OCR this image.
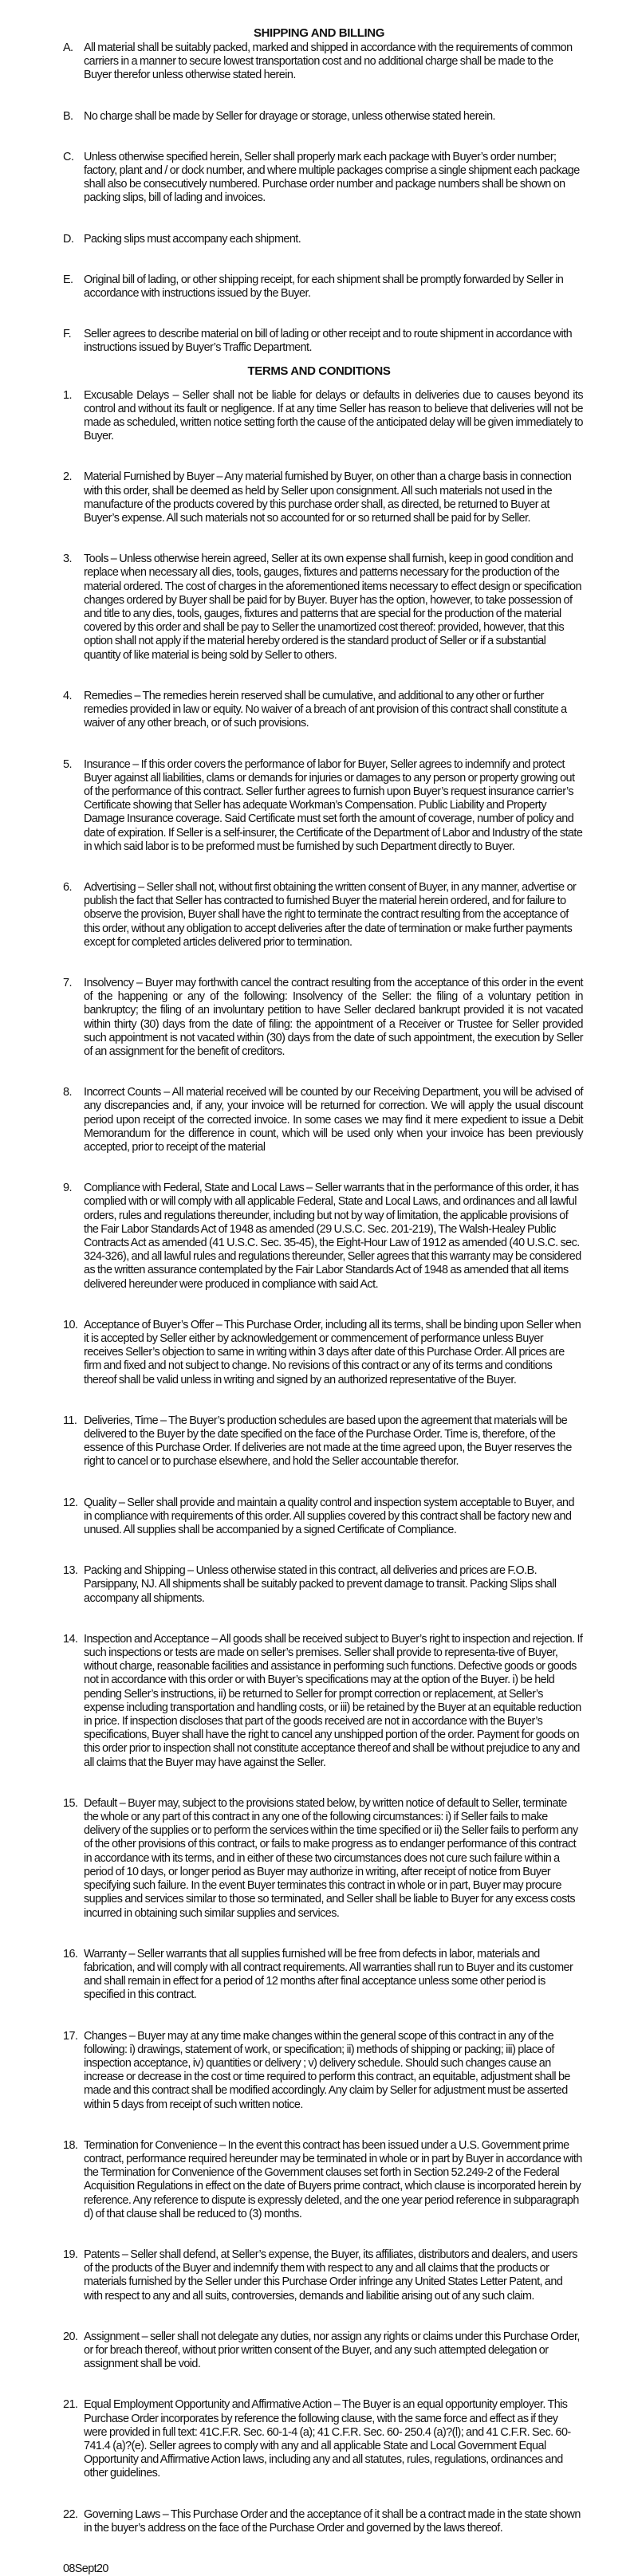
SHIPPING AND BILLING
A. All material shall be suitably packed, marked and shipped in accordance with the requirements of common carriers in a manner to secure lowest transportation cost and no additional charge shall be made to the Buyer therefor unless otherwise stated herein.
B. No charge shall be made by Seller for drayage or storage, unless otherwise stated herein.
C. Unless otherwise specified herein, Seller shall properly mark each package with Buyer’s order number; factory, plant and / or dock number, and where multiple packages comprise a single shipment each package shall also be consecutively numbered. Purchase order number and package numbers shall be shown on packing slips, bill of lading and invoices.
D. Packing slips must accompany each shipment.
E. Original bill of lading, or other shipping receipt, for each shipment shall be promptly forwarded by Seller in accordance with instructions issued by the Buyer.
F.	Seller agrees to describe material on bill of lading or other receipt and to route shipment in accordance with instructions issued by Buyer’s Traffic Department.
TERMS AND CONDITIONS
1.	Excusable Delays – Seller shall not be liable for delays or defaults in deliveries due to causes beyond its control and without its fault or negligence. If at any time Seller has reason to believe that deliveries will not be made as scheduled, written notice setting forth the cause of the anticipated delay will be given immediately to Buyer.
2.	Material Furnished by Buyer – Any material furnished by Buyer, on other than a charge basis in connection with this order, shall be deemed as held by Seller upon consignment. All such materials not used in the manufacture of the products covered by this purchase order shall, as directed, be returned to Buyer at Buyer’s expense. All such materials not so accounted for or so returned shall be paid for by Seller.
3.	Tools – Unless otherwise herein agreed, Seller at its own expense shall furnish, keep in good condition and replace when necessary all dies, tools, gauges, fixtures and patterns necessary for the production of the material ordered. The cost of charges in the aforementioned items necessary to effect design or specification changes ordered by Buyer shall be paid for by Buyer. Buyer has the option, however, to take possession of and title to any dies, tools, gauges, fixtures and patterns that are special for the production of the material covered by this order and shall be pay to Seller the unamortized cost thereof: provided, however, that this option shall not apply if the material hereby ordered is the standard product of Seller or if a substantial quantity of like material is being sold by Seller to others.
4.	Remedies – The remedies herein reserved shall be cumulative, and additional to any other or further remedies provided in law or equity. No waiver of a breach of ant provision of this contract shall constitute a waiver of any other breach, or of such provisions.
5.	Insurance – If this order covers the performance of labor for Buyer, Seller agrees to indemnify and protect Buyer against all liabilities, clams or demands for injuries or damages to any person or property growing out of the performance of this contract. Seller further agrees to furnish upon Buyer’s request insurance carrier’s Certificate showing that Seller has adequate Workman’s Compensation. Public Liability and Property Damage Insurance coverage. Said Certificate must set forth the amount of coverage, number of policy and date of expiration. If Seller is a self-insurer, the Certificate of the Department of Labor and Industry of the state in which said labor is to be preformed must be furnished by such Department directly to Buyer.
6.	Advertising – Seller shall not, without first obtaining the written consent of Buyer, in any manner, advertise or publish the fact that Seller has contracted to furnished Buyer the material herein ordered, and for failure to observe the provision, Buyer shall have the right to terminate the contract resulting from the acceptance of this order, without any obligation to accept deliveries after the date of termination or make further payments except for completed articles delivered prior to termination.
7.	Insolvency – Buyer may forthwith cancel the contract resulting from the acceptance of this order in the event of the happening or any of the following: Insolvency of the Seller: the filing of a voluntary petition in bankruptcy; the filing of an involuntary petition to have Seller declared bankrupt provided it is not vacated within thirty (30) days from the date of filing: the appointment of a Receiver or Trustee for Seller provided such appointment is not vacated within (30) days from the date of such appointment, the execution by Seller of an assignment for the benefit of creditors.
8.	Incorrect Counts – All material received will be counted by our Receiving Department, you will be advised of any discrepancies and, if any, your invoice will be returned for correction. We will apply the usual discount period upon receipt of the corrected invoice. In some cases we may find it mere expedient to issue a Debit Memorandum for the difference in count, which will be used only when your invoice has been previously accepted, prior to receipt of the material
9.	Compliance with Federal, State and Local Laws – Seller warrants that in the performance of this order, it has complied with or will comply with all applicable Federal, State and Local Laws, and ordinances and all lawful orders, rules and regulations thereunder, including but not by way of limitation, the applicable provisions of the Fair Labor Standards Act of 1948 as amended (29 U.S.C. Sec. 201-219), The Walsh-Healey Public Contracts Act as amended (41 U.S.C. Sec. 35-45), the Eight-Hour Law of 1912 as amended (40 U.S.C. sec. 324-326), and all lawful rules and regulations thereunder, Seller agrees that this warranty may be considered as the written assurance contemplated by the Fair Labor Standards Act of 1948 as amended that all items delivered hereunder were produced in compliance with said Act.
10. Acceptance of Buyer’s Offer – This Purchase Order, including all its terms, shall be binding upon Seller when it is accepted by Seller either by acknowledgement or commencement of performance unless Buyer receives Seller’s objection to same in writing within 3 days after date of this Purchase Order. All prices are firm and fixed and not subject to change. No revisions of this contract or any of its terms and conditions thereof shall be valid unless in writing and signed by an authorized representative of the Buyer.
11. Deliveries, Time – The Buyer’s production schedules are based upon the agreement that materials will be delivered to the Buyer by the date specified on the face of the Purchase Order. Time is, therefore, of the essence of this Purchase Order. If deliveries are not made at the time agreed upon, the Buyer reserves the right to cancel or to purchase elsewhere, and hold the Seller accountable therefor.
12. Quality – Seller shall provide and maintain a quality control and inspection system acceptable to Buyer, and in compliance with requirements of this order. All supplies covered by this contract shall be factory new and unused. All supplies shall be accompanied by a signed Certificate of Compliance.
13. Packing and Shipping – Unless otherwise stated in this contract, all deliveries and prices are F.O.B. Parsippany, NJ. All shipments shall be suitably packed to prevent damage to transit. Packing Slips shall accompany all shipments.
14. Inspection and Acceptance – All goods shall be received subject to Buyer’s right to inspection and rejection. If such inspections or tests are made on seller’s premises. Seller shall provide to representa-tive of Buyer, without charge, reasonable facilities and assistance in performing such functions. Defective goods or goods not in accordance with this order or with Buyer’s specifications may at the option of the Buyer. i) be held pending Seller’s instructions, ii) be returned to Seller for prompt correction or replacement, at Seller’s expense including transportation and handling costs, or iii) be retained by the Buyer at an equitable reduction in price. If inspection discloses that part of the goods received are not in accordance with the Buyer’s specifications, Buyer shall have the right to cancel any unshipped portion of the order. Payment for goods on this order prior to inspection shall not constitute acceptance thereof and shall be without prejudice to any and all claims that the Buyer may have against the Seller.
15. Default – Buyer may, subject to the provisions stated below, by written notice of default to Seller, terminate the whole or any part of this contract in any one of the following circumstances: i) if Seller fails to make delivery of the supplies or to perform the services within the time specified or ii) the Seller fails to perform any of the other provisions of this contract, or fails to make progress as to endanger performance of this contract in accordance with its terms, and in either of these two circumstances does not cure such failure within a period of 10 days, or longer period as Buyer may authorize in writing, after receipt of notice from Buyer specifying such failure. In the event Buyer terminates this contract in whole or in part, Buyer may procure supplies and services similar to those so terminated, and Seller shall be liable to Buyer for any excess costs incurred in obtaining such similar supplies and services.
16. Warranty – Seller warrants that all supplies furnished will be free from defects in labor, materials and fabrication, and will comply with all contract requirements. All warranties shall run to Buyer and its customer and shall remain in effect for a period of 12 months after final acceptance unless some other period is specified in this contract.
17. Changes – Buyer may at any time make changes within the general scope of this contract in any of the following: i) drawings, statement of work, or specification; ii) methods of shipping or packing; iii) place of inspection acceptance, iv) quantities or delivery ; v) delivery schedule. Should such changes cause an increase or decrease in the cost or time required to perform this contract, an equitable, adjustment shall be made and this contract shall be modified accordingly. Any claim by Seller for adjustment must be asserted within 5 days from receipt of such written notice.
18. Termination for Convenience – In the event this contract has been issued under a U.S. Government prime contract, performance required hereunder may be terminated in whole or in part by Buyer in accordance with the Termination for Convenience of the Government clauses set forth in Section 52.249-2 of the Federal Acquisition Regulations in effect on the date of Buyers prime contract, which clause is incorporated herein by reference. Any reference to dispute is expressly deleted, and the one year period reference in subparagraph d) of that clause shall be reduced to (3) months.
19. Patents – Seller shall defend, at Seller’s expense, the Buyer, its affiliates, distributors and dealers, and users of the products of the Buyer and indemnify them with respect to any and all claims that the products or materials furnished by the Seller under this Purchase Order infringe any United States Letter Patent, and with respect to any and all suits, controversies, demands and liabilitie arising out of any such claim.
20. Assignment – seller shall not delegate any duties, nor assign any rights or claims under this Purchase Order, or for breach thereof, without prior written consent of the Buyer, and any such attempted delegation or assignment shall be void.
21. Equal Employment Opportunity and Affirmative Action – The Buyer is an equal opportunity employer. This Purchase Order incorporates by reference the following clause, with the same force and effect as if they were provided in full text: 41C.F.R. Sec. 60-1-4 (a); 41 C.F.R. Sec. 60- 250.4 (a)?(l); and 41 C.F.R. Sec. 60-741.4 (a)?(e). Seller agrees to comply with any and all applicable State and Local Government Equal Opportunity and Affirmative Action laws, including any and all statutes, rules, regulations, ordinances and other guidelines.
22. Governing Laws – This Purchase Order and the acceptance of it shall be a contract made in the state shown in the buyer’s address on the face of the Purchase Order and governed by the laws thereof.
08Sept20
